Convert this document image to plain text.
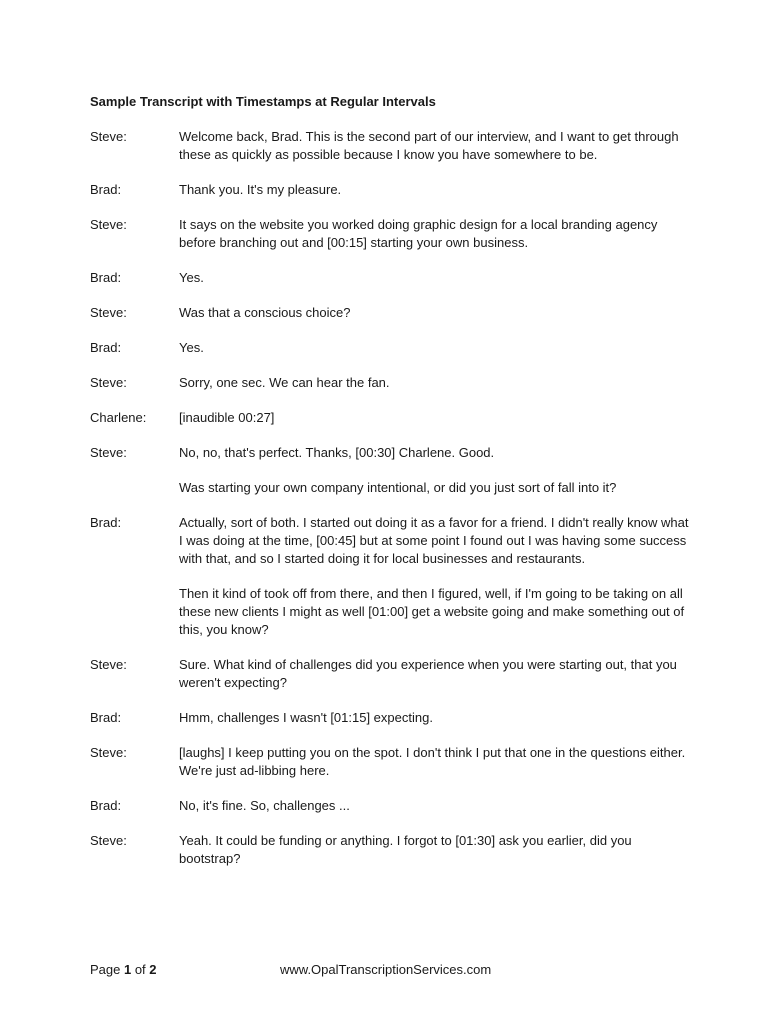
Sample Transcript with Timestamps at Regular Intervals
Steve:	Welcome back, Brad. This is the second part of our interview, and I want to get through these as quickly as possible because I know you have somewhere to be.

Brad:	Thank you. It's my pleasure.

Steve:	It says on the website you worked doing graphic design for a local branding agency before branching out and [00:15] starting your own business.

Brad:	Yes.

Steve:	Was that a conscious choice?

Brad:	Yes.

Steve:	Sorry, one sec. We can hear the fan.

Charlene:	[inaudible 00:27]

Steve:	No, no, that's perfect. Thanks, [00:30] Charlene. Good.

Was starting your own company intentional, or did you just sort of fall into it?

Brad:	Actually, sort of both. I started out doing it as a favor for a friend. I didn't really know what I was doing at the time, [00:45] but at some point I found out I was having some success with that, and so I started doing it for local businesses and restaurants.

Then it kind of took off from there, and then I figured, well, if I'm going to be taking on all these new clients I might as well [01:00] get a website going and make something out of this, you know?

Steve:	Sure. What kind of challenges did you experience when you were starting out, that you weren't expecting?

Brad:	Hmm, challenges I wasn't [01:15] expecting.

Steve:	[laughs] I keep putting you on the spot. I don't think I put that one in the questions either. We're just ad-libbing here.

Brad:	No, it's fine. So, challenges ...

Steve:	Yeah. It could be funding or anything. I forgot to [01:30] ask you earlier, did you bootstrap?

Page 1 of 2	www.OpalTranscriptionServices.com
